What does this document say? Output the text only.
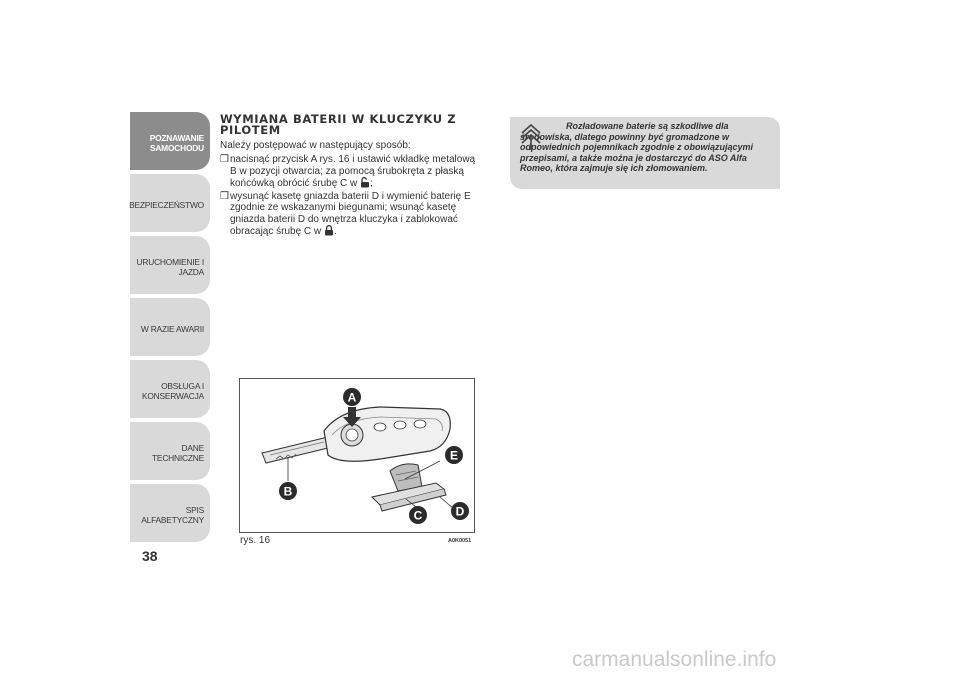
POZNAWANIE
SAMOCHODU
BEZPIECZEŃSTWO
URUCHOMIENIE I
JAZDA
W RAZIE AWARII
OBSŁUGA I
KONSERWACJA
DANE TECHNICZNE
SPIS ALFABETYCZNY
38
WYMIANA BATERII W KLUCZYKU Z PILOTEM

Należy postępować w następujący sposób:

❒ nacisnąć przycisk A rys. 16 i ustawić wkładkę metalową B w pozycji otwarcia; za pomocą śrubokręta z płaską końcówką obrócić śrubę C w ;
❒ wysunąć kasetę gniazda baterii D i wymienić baterię E zgodnie ze wskazanymi biegunami; wsunąć kasetę gniazda baterii D do wnętrza kluczyka i zablokować obracając śrubę C w .

Rozładowane baterie są szkodliwe dla środowiska, dlatego powinny być gromadzone w odpowiednich pojemnikach zgodnie z obowiązującymi przepisami, a także można je dostarczyć do ASO Alfa Romeo, która zajmuje się ich złomowaniem.

A
B
C	D
E
rys. 16	A0K0051
carmanualsonline.info
